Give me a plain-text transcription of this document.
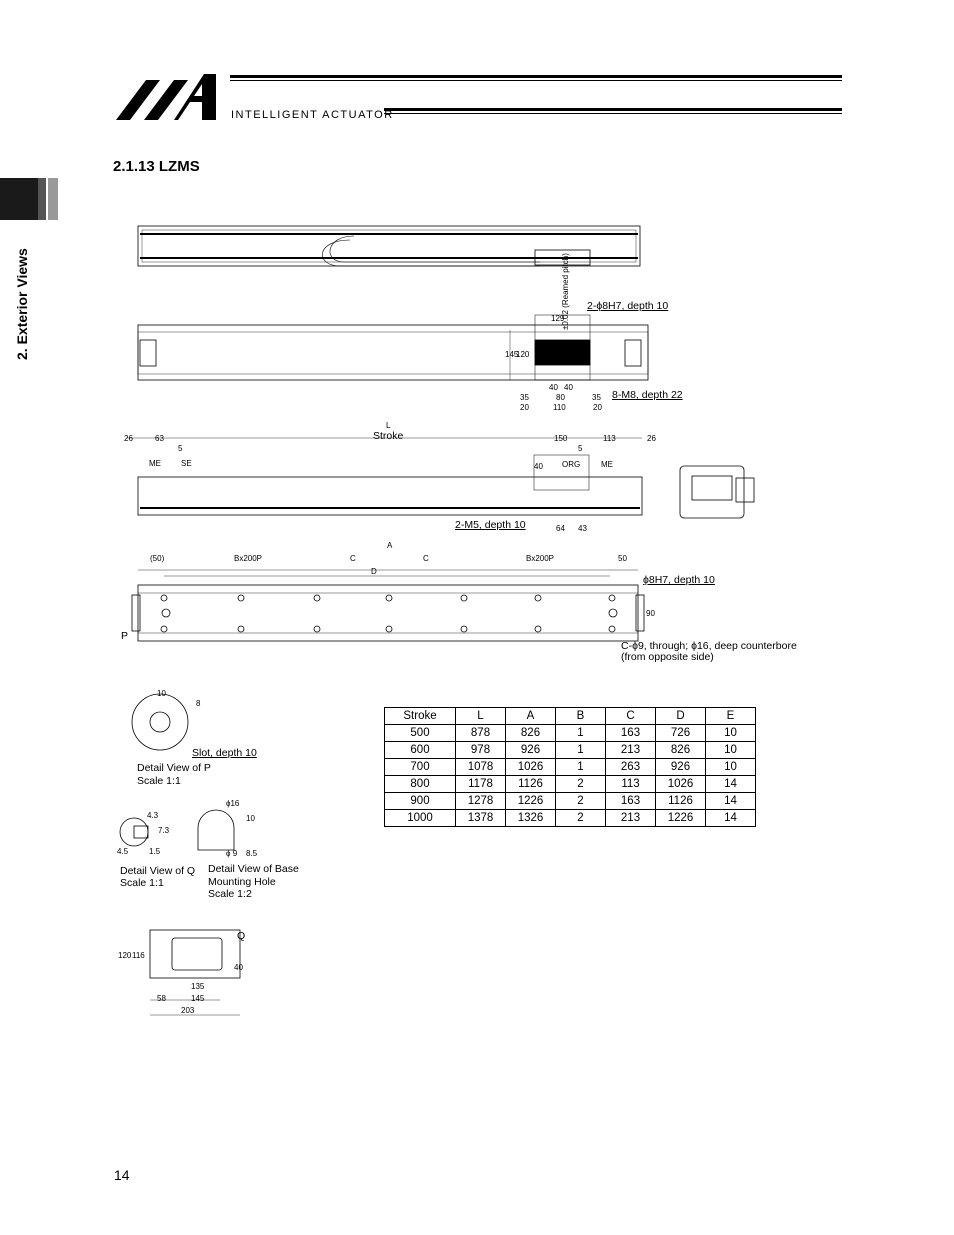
INTELLIGENT ACTUATOR
2. Exterior Views
2.1.13 LZMS
Stroke
L
±0.02 (Reamed pitch) 2-ϕ8H7, depth 10
8-M8, depth 22
2-M5, depth 10
ME	SE	ORG	ME
ϕ8H7, depth 10
P
C-ϕ9, through; ϕ16, deep counterbore
(from opposite side)
Slot, depth 10
Detail View of P
Scale 1:1
Detail View of Q
Scale 1:1
Detail View of Base
Mounting Hole
Scale 1:2
Q
A
D
C	C
Bx200P	Bx200P
26	63	150	113	26
5	5
40
64 43
(50)	50
90
35	80	35
40 40
20	110	20
145
120
129
10
8
ϕ16
ϕ 9 8.5
10
4.3
7.3
4.5	1.5
120 116
135
145
58
203
40
Stroke	L	A	B	C	D	E
500	878	826	1	163	726	10
600	978	926	1	213	826	10
700	1078	1026	1	263	926	10
800	1178	1126	2	113	1026	14
900	1278	1226	2	163	1126	14
1000	1378	1326	2	213	1226	14
14
